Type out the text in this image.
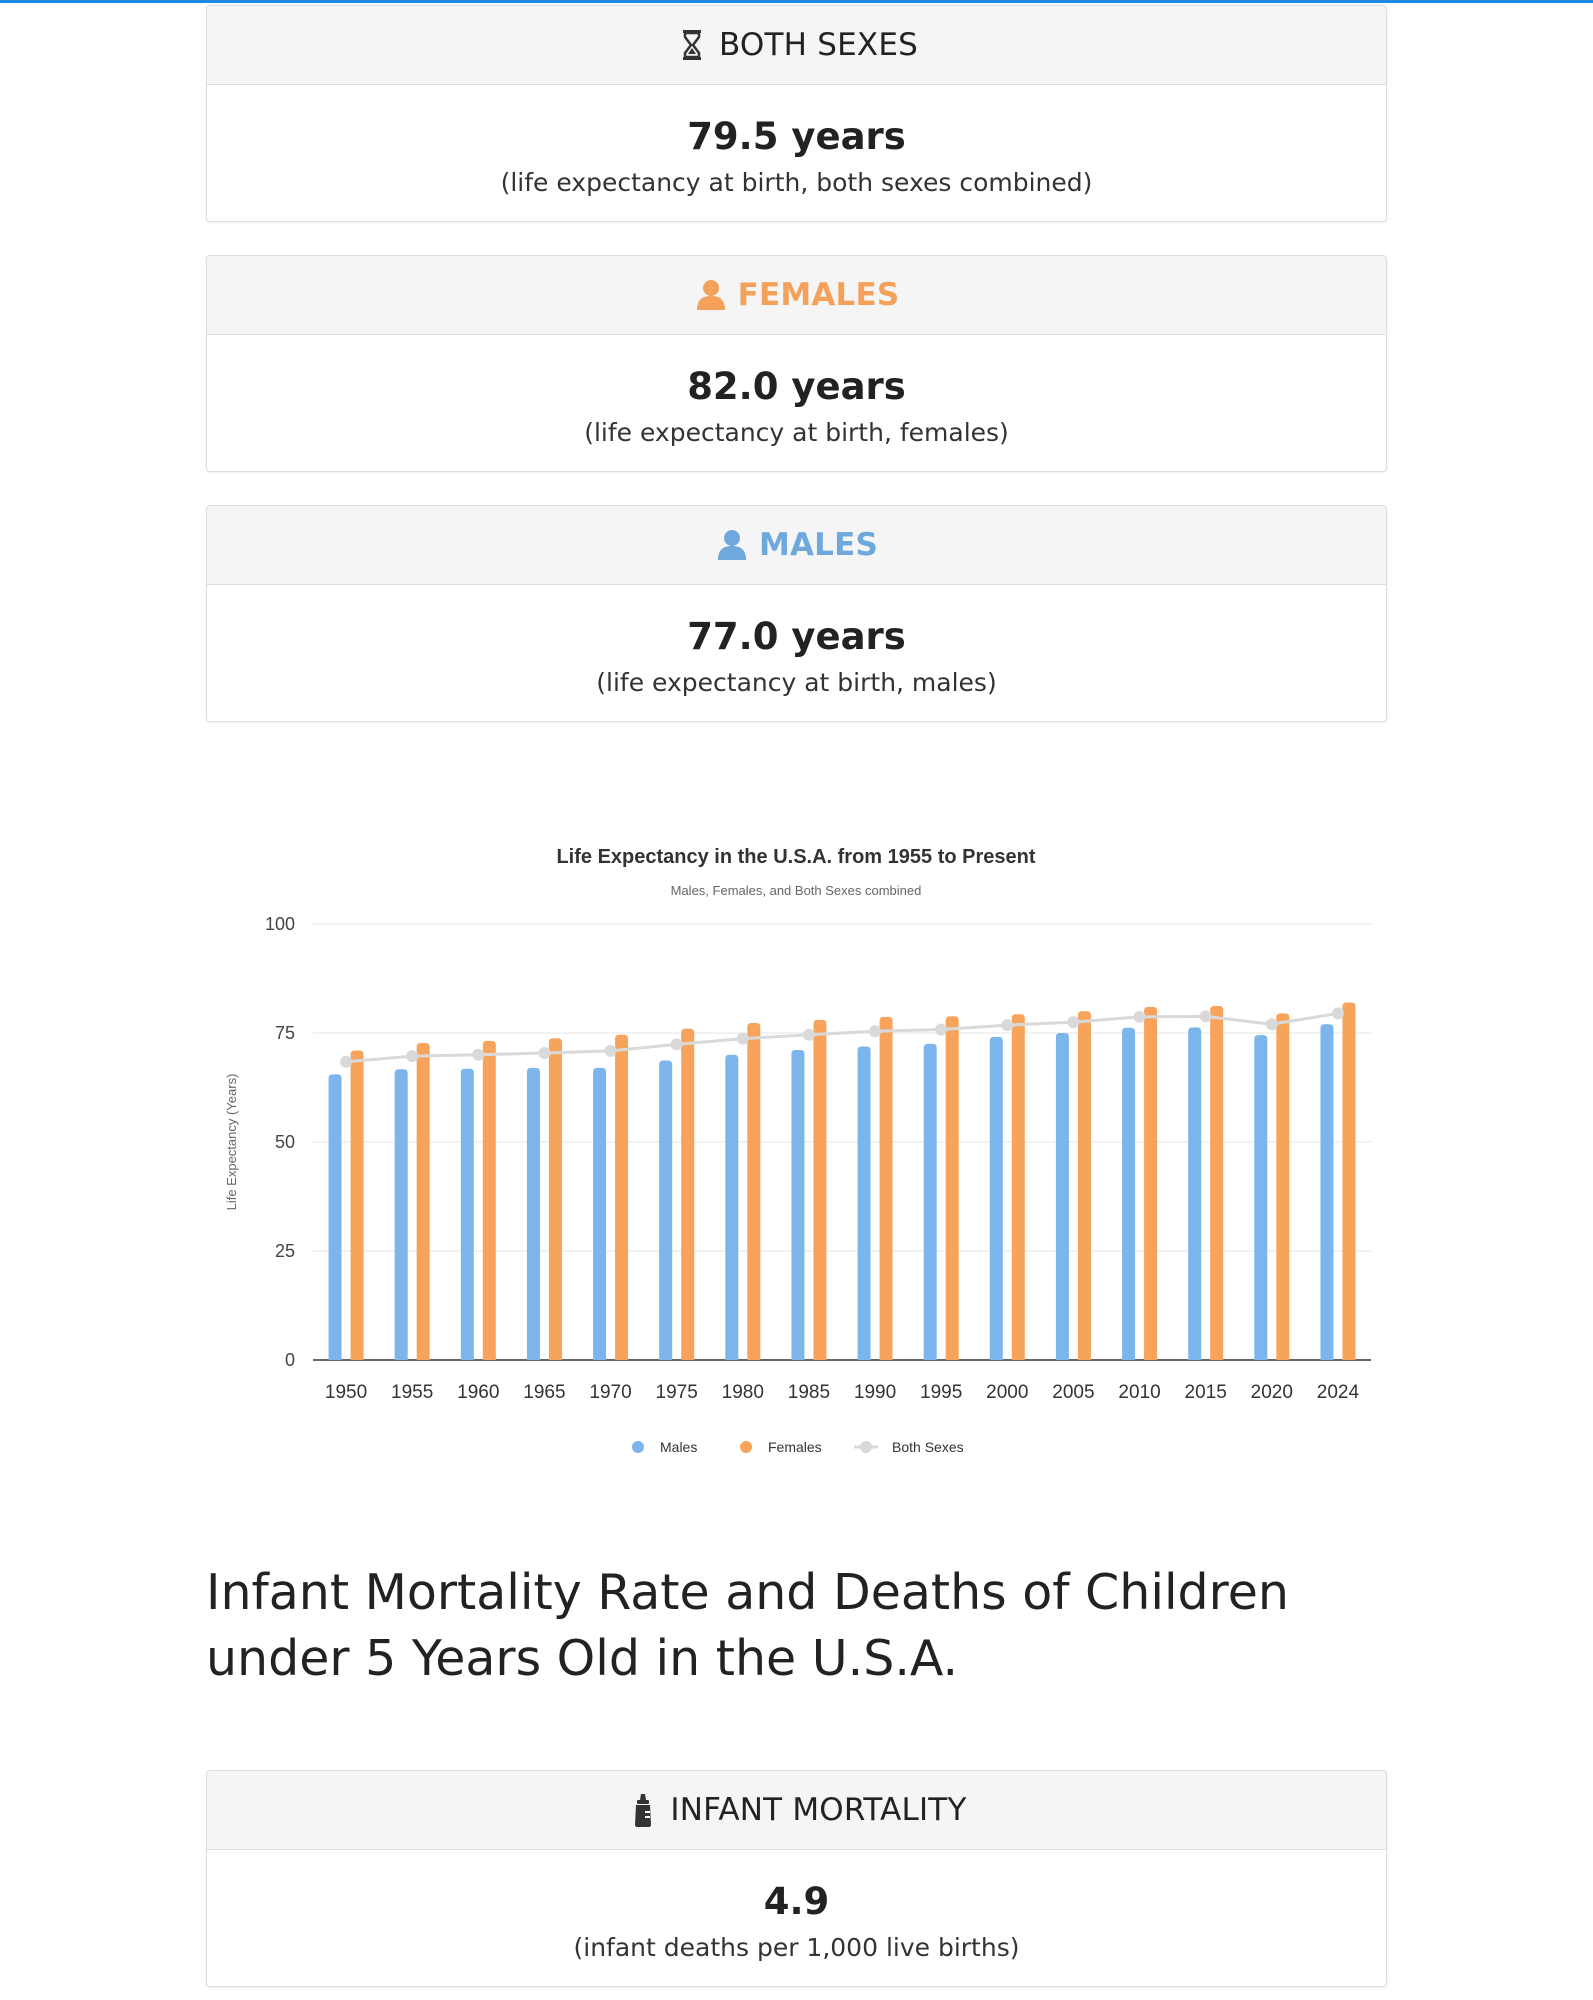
BOTH SEXES
79.5 years
(life expectancy at birth, both sexes combined)
FEMALES
82.0 years
(life expectancy at birth, females)
MALES
77.0 years
(life expectancy at birth, males)
Life Expectancy in the U.S.A. from 1955 to Present
Males, Females, and Both Sexes combined
Life Expectancy (Years)
0
25
50
75
100
1950 1955 1960 1965 1970 1975 1980 1985 1990 1995 2000 2005 2010 2015 2020 2024
Males	Females	Both Sexes
Infant Mortality Rate and Deaths of Children under 5 Years Old in the U.S.A.
INFANT MORTALITY
4.9
(infant deaths per 1,000 live births)
